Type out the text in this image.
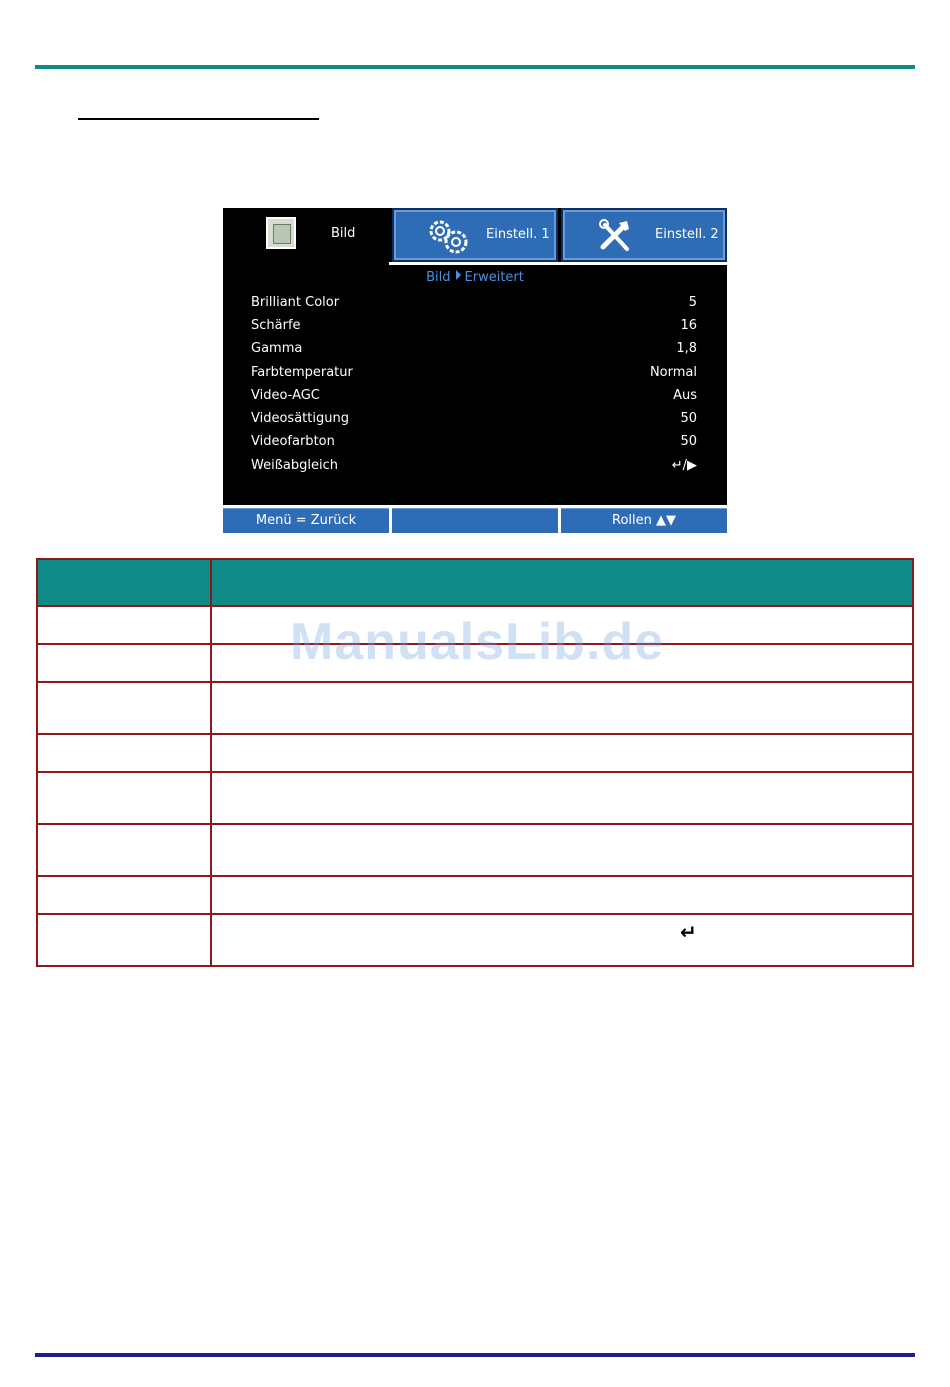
Bild	Einstell. 1	Einstell. 2
Bild Erweitert
Brilliant Color	5
Schärfe	16
Gamma	1,8
Farbtemperatur	Normal
Video-AGC	Aus
Videosättigung	50
Videofarbton	50
Weißabgleich	↵/▶
Menü = Zurück	Rollen ▲▼

↵
ManualsLib.de
